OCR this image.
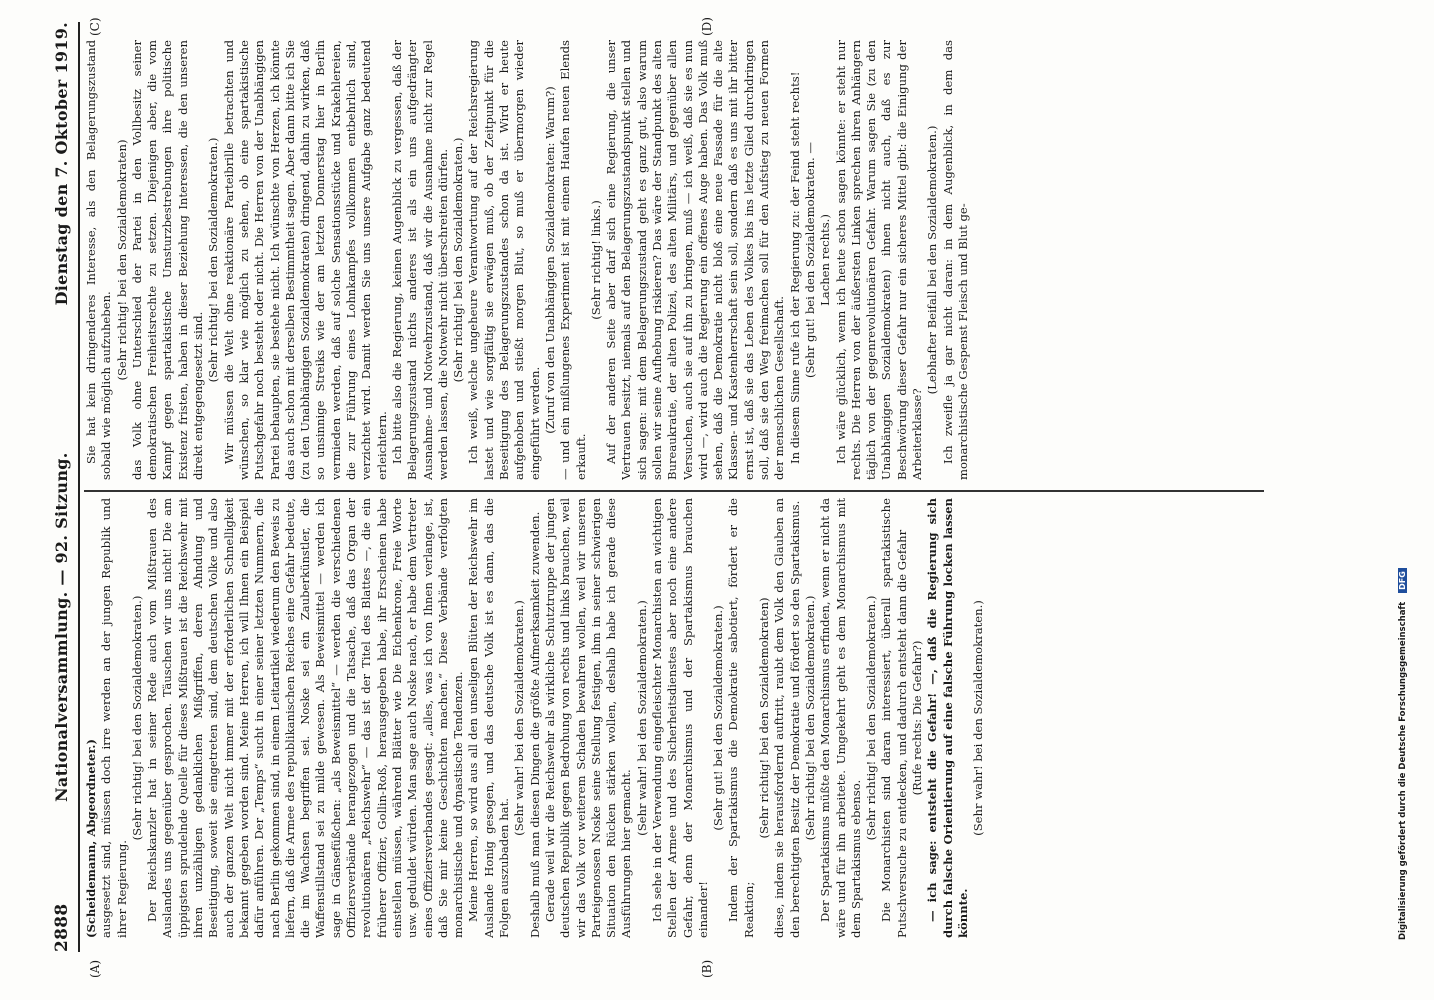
2888
Nationalversammlung. — 92. Sitzung.
Dienstag den 7. Oktober 1919.
(A)	(B)
(C)	(D)

(Scheidemann, Abgeordneter.) ausgesetzt sind, müssen doch irre werden an der jungen Republik und ihrer Regierung.

(Sehr richtig! bei den Sozialdemokraten.) Der Reichskanzler hat in seiner Rede auch vom Mißtrauen des Auslandes uns gegenüber gesprochen. Täuschen wir uns nicht! Die am üppigsten sprudelnde Quelle für dieses Mißtrauen ist die Reichswehr mit ihren unzähligen gedanklichen Mißgriffen, deren Ahndung und Beseitigung, soweit sie eingetreten sind, dem deutschen Volke und also auch der ganzen Welt nicht immer mit der erforderlichen Schnelligkeit bekannt gegeben worden sind. Meine Herren, ich will Ihnen ein Beispiel dafür anführen. Der „Temps“ sucht in einer seiner letzten Nummern, die nach Berlin gekommen sind, in einem Leitartikel wiederum den Beweis zu liefern, daß die Armee des republikanischen Reiches eine Gefahr bedeute, die im Wachsen begriffen sei. Noske sei ein Zauberkünstler, die Waffenstillstand sei zu milde gewesen. Als Beweismittel — werden ich sage in Gänsefüßchen: „als Beweismittel“ — werden die verschiedenen Offiziersverbände herangezogen und die Tatsache, daß das Organ der revolutionären „Reichswehr“ — das ist der Titel des Blattes —, die ein früherer Offizier, Gollin-Roß, herausgegeben habe, ihr Erscheinen habe einstellen müssen, während Blätter wie Die Eichenkrone, Freie Worte usw. geduldet würden. Man sage auch Noske nach, er habe dem Vertreter eines Offiziersverbandes gesagt: „alles, was ich von Ihnen verlange, ist, daß Sie mir keine Geschichten machen.“ Diese Verbände verfolgten monarchistische und dynastische Tendenzen. Meine Herren, so wird aus all den unseligen Blüten der Reichswehr im Auslande Honig gesogen, und das deutsche Volk ist es dann, das die Folgen auszubaden hat.

(Sehr wahr! bei den Sozialdemokraten.) Deshalb muß man diesen Dingen die größte Aufmerksamkeit zuwenden. Gerade weil wir die Reichswehr als wirkliche Schutztruppe der jungen deutschen Republik gegen Bedrohung von rechts und links brauchen, weil wir das Volk vor weiterem Schaden bewahren wollen, weil wir unseren Parteigenossen Noske seine Stellung festigen, ihm in seiner schwierigen Situation den Rücken stärken wollen, deshalb habe ich gerade diese Ausführungen hier gemacht.

(Sehr wahr! bei den Sozialdemokraten.) Ich sehe in der Verwendung eingefleischter Monarchisten an wichtigen Stellen der Armee und des Sicherheitsdienstes aber noch eine andere Gefahr, denn der Monarchismus und der Spartakismus brauchen einander!

(Sehr gut! bei den Sozialdemokraten.) Indem der Spartakismus die Demokratie sabotiert, fördert er die Reaktion;

(Sehr richtig! bei den Sozialdemokraten) diese, indem sie herausfordernd auftritt, raubt dem Volk den Glauben an den berechtigten Besitz der Demokratie und fördert so den Spartakismus. (Sehr richtig! bei den Sozialdemokraten.) Der Spartakismus müßte den Monarchismus erfinden, wenn er nicht da wäre und für ihn arbeitete. Umgekehrt geht es dem Monarchismus mit dem Spartakismus ebenso.

(Sehr richtig! bei den Sozialdemokraten.) Die Monarchisten sind daran interessiert, überall spartakistische Putschversuche zu entdecken, und dadurch entsteht dann die Gefahr (Rufe rechts: Die Gefahr?) — ich sage: entsteht die Gefahr! —, daß die Regierung sich durch falsche Orientierung auf eine falsche Führung locken lassen könnte.

(Sehr wahr! bei den Sozialdemokraten.)

Sie hat kein dringenderes Interesse, als den Belagerungszustand sobald wie möglich aufzuheben.

(Sehr richtig! bei den Sozialdemokraten) das Volk ohne Unterschied der Partei in den Vollbesitz seiner demokratischen Freiheitsrechte zu setzen. Diejenigen aber, die vom Kampf gegen spartakistische Umsturzbestrebungen ihre politische Existenz fristen, haben in dieser Beziehung Interessen, die den unseren direkt entgegengesetzt sind.

(Sehr richtig! bei den Sozialdemokraten.) Wir müssen die Welt ohne reaktionäre Parteibrille betrachten und wünschen, so klar wie möglich zu sehen, ob eine spartakistische Putschgefahr noch besteht oder nicht. Die Herren von der Unabhängigen Partei behaupten, sie bestehe nicht. Ich wünschte von Herzen, ich könnte das auch schon mit derselben Bestimmtheit sagen. Aber dann bitte ich Sie (zu den Unabhängigen Sozialdemokraten) dringend, dahin zu wirken, daß so unsinnige Streiks wie der am letzten Donnerstag hier in Berlin vermieden werden, daß auf solche Sensationsstücke und Krakehlereien, die zur Führung eines Lohnkampfes vollkommen entbehrlich sind, verzichtet wird. Damit werden Sie uns unsere Aufgabe ganz bedeutend erleichtern. Ich bitte also die Regierung, keinen Augenblick zu vergessen, daß der Belagerungszustand nichts anderes ist als ein uns aufgedrängter Ausnahme- und Notwehrzustand, daß wir die Ausnahme nicht zur Regel werden lassen, die Notwehr nicht überschreiten dürfen. (Sehr richtig! bei den Sozialdemokraten.) Ich weiß, welche ungeheure Verantwortung auf der Reichsregierung lastet und wie sorgfältig sie erwägen muß, ob der Zeitpunkt für die Beseitigung des Belagerungszustandes schon da ist. Wird er heute aufgehoben und stießt morgen Blut, so muß er übermorgen wieder eingeführt werden. (Zuruf von den Unabhängigen Sozialdemokraten: Warum?) — und ein mißlungenes Experiment ist mit einem Haufen neuen Elends erkauft.

(Sehr richtig! links.) Auf der anderen Seite aber darf sich eine Regierung, die unser Vertrauen besitzt, niemals auf den Belagerungszustandspunkt stellen und sich sagen: mit dem Belagerungszustand geht es ganz gut, also warum sollen wir seine Aufhebung riskieren? Das wäre der Standpunkt des alten Bureaukratie, der alten Polizei, des alten Militärs, und gegenüber allen Versuchen, auch sie auf ihn zu bringen, muß — ich weiß, daß sie es nun wird —, wird auch die Regierung ein offenes Auge haben. Das Volk muß sehen, daß die Demokratie nicht bloß eine neue Fassade für die alte Klassen- und Kastenherrschaft sein soll, sondern daß es uns mit ihr bitter ernst ist, daß sie das Leben des Volkes bis ins letzte Glied durchdringen soll, daß sie den Weg freimachen soll für den Aufstieg zu neuen Formen der menschlichen Gesellschaft. In diesem Sinne rufe ich der Regierung zu: der Feind steht rechts! (Sehr gut! bei den Sozialdemokraten. — Lachen rechts.) Ich wäre glücklich, wenn ich heute schon sagen könnte: er steht nur rechts. Die Herren von der äußersten Linken sprechen ihren Anhängern täglich von der gegenrevolutionären Gefahr. Warum sagen Sie (zu den Unabhängigen Sozialdemokraten) ihnen nicht auch, daß es zur Beschwörung dieser Gefahr nur ein sicheres Mittel gibt: die Einigung der Arbeiterklasse?

(Lebhafter Beifall bei den Sozialdemokraten.) Ich zweifle ja gar nicht daran: in dem Augenblick, in dem das monarchistische Gespenst Fleisch und Blut ge-

Digitalisierung gefördert durch die Deutsche Forschungsgemeinschaft DFG
